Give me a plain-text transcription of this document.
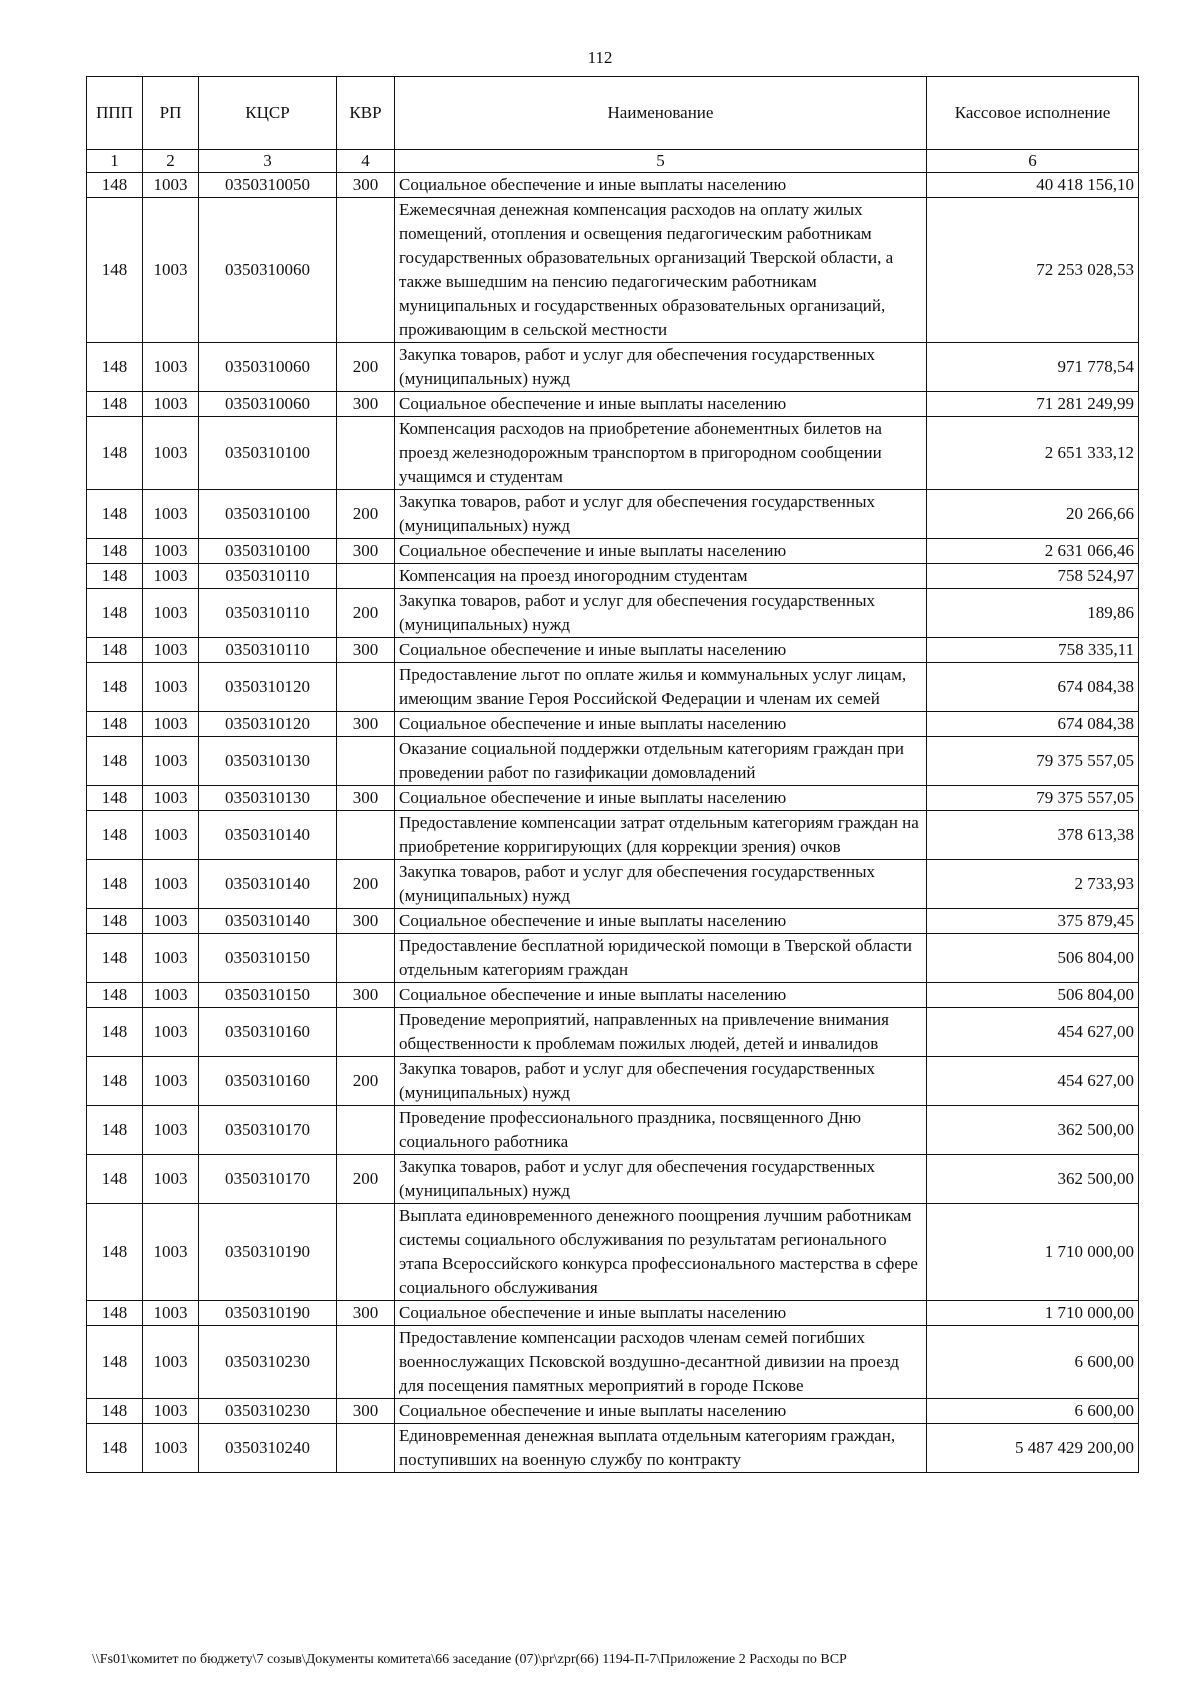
112
ППП	РП	КЦСР	КВР	Наименование	Кассовое исполнение
1	2	3	4	5	6
148	1003	0350310050	300	Социальное обеспечение и иные выплаты населению	40 418 156,10
148	1003	0350310060		Ежемесячная денежная компенсация расходов на оплату жилых помещений, отопления и освещения педагогическим работникам государственных образовательных организаций Тверской области, а также вышедшим на пенсию педагогическим работникам муниципальных и государственных образовательных организаций, проживающим в сельской местности	72 253 028,53
148	1003	0350310060	200	Закупка товаров, работ и услуг для обеспечения государственных (муниципальных) нужд	971 778,54
148	1003	0350310060	300	Социальное обеспечение и иные выплаты населению	71 281 249,99
148	1003	0350310100		Компенсация расходов на приобретение абонементных билетов на проезд железнодорожным транспортом в пригородном сообщении учащимся и студентам	2 651 333,12
148	1003	0350310100	200	Закупка товаров, работ и услуг для обеспечения государственных (муниципальных) нужд	20 266,66
148	1003	0350310100	300	Социальное обеспечение и иные выплаты населению	2 631 066,46
148	1003	0350310110		Компенсация на проезд иногородним студентам	758 524,97
148	1003	0350310110	200	Закупка товаров, работ и услуг для обеспечения государственных (муниципальных) нужд	189,86
148	1003	0350310110	300	Социальное обеспечение и иные выплаты населению	758 335,11
148	1003	0350310120		Предоставление льгот по оплате жилья и коммунальных услуг лицам, имеющим звание Героя Российской Федерации и членам их семей	674 084,38
148	1003	0350310120	300	Социальное обеспечение и иные выплаты населению	674 084,38
148	1003	0350310130		Оказание социальной поддержки отдельным категориям граждан при проведении работ по газификации домовладений	79 375 557,05
148	1003	0350310130	300	Социальное обеспечение и иные выплаты населению	79 375 557,05
148	1003	0350310140		Предоставление компенсации затрат отдельным категориям граждан на приобретение корригирующих (для коррекции зрения) очков	378 613,38
148	1003	0350310140	200	Закупка товаров, работ и услуг для обеспечения государственных (муниципальных) нужд	2 733,93
148	1003	0350310140	300	Социальное обеспечение и иные выплаты населению	375 879,45
148	1003	0350310150		Предоставление бесплатной юридической помощи в Тверской области отдельным категориям граждан	506 804,00
148	1003	0350310150	300	Социальное обеспечение и иные выплаты населению	506 804,00
148	1003	0350310160		Проведение мероприятий, направленных на привлечение внимания общественности к проблемам пожилых людей, детей и инвалидов	454 627,00
148	1003	0350310160	200	Закупка товаров, работ и услуг для обеспечения государственных (муниципальных) нужд	454 627,00
148	1003	0350310170		Проведение профессионального праздника, посвященного Дню социального работника	362 500,00
148	1003	0350310170	200	Закупка товаров, работ и услуг для обеспечения государственных (муниципальных) нужд	362 500,00
148	1003	0350310190		Выплата единовременного денежного поощрения лучшим работникам системы социального обслуживания по результатам регионального этапа Всероссийского конкурса профессионального мастерства в сфере социального обслуживания	1 710 000,00
148	1003	0350310190	300	Социальное обеспечение и иные выплаты населению	1 710 000,00
148	1003	0350310230		Предоставление компенсации расходов членам семей погибших военнослужащих Псковской воздушно-десантной дивизии на проезд для посещения памятных мероприятий в городе Пскове	6 600,00
148	1003	0350310230	300	Социальное обеспечение и иные выплаты населению	6 600,00
148	1003	0350310240		Единовременная денежная выплата отдельным категориям граждан, поступивших на военную службу по контракту	5 487 429 200,00
\\Fs01\комитет по бюджету\7 созыв\Документы комитета\66 заседание (07)\pr\zpr(66) 1194-П-7\Приложение 2 Расходы по ВСР
